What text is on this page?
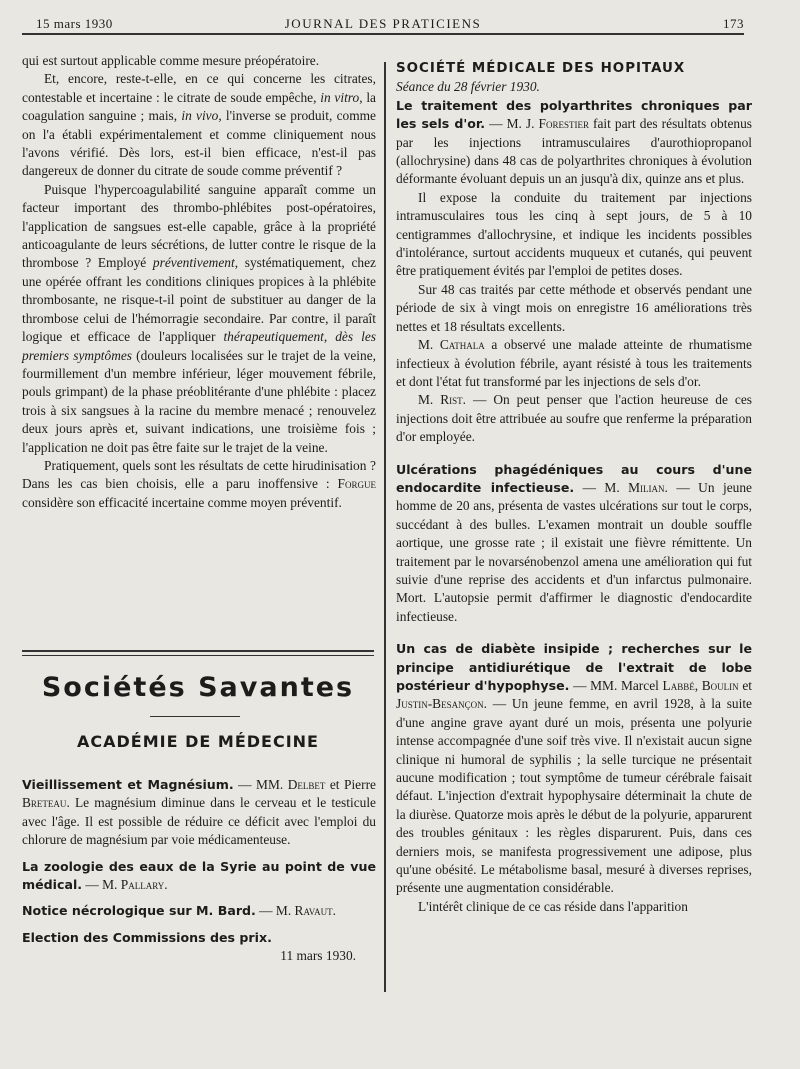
15 mars 1930	JOURNAL DES PRATICIENS	173

qui est surtout applicable comme mesure préopératoire.

Et, encore, reste-t-elle, en ce qui concerne les citrates, contestable et incertaine : le citrate de soude empêche, in vitro, la coagulation sanguine ; mais, in vivo, l'inverse se produit, comme on l'a établi expérimentalement et comme cliniquement nous l'avons vérifié. Dès lors, est-il bien efficace, n'est-il pas dangereux de donner du citrate de soude comme préventif ?

Puisque l'hypercoagulabilité sanguine apparaît comme un facteur important des thrombo-phlébites post-opératoires, l'application de sangsues est-elle capable, grâce à la propriété anticoagulante de leurs sécrétions, de lutter contre le risque de la thrombose ? Employé préventivement, systématiquement, chez une opérée offrant les conditions cliniques propices à la phlébite thrombosante, ne risque-t-il point de substituer au danger de la thrombose celui de l'hémorragie secondaire. Par contre, il paraît logique et efficace de l'appliquer thérapeutiquement, dès les premiers symptômes (douleurs localisées sur le trajet de la veine, fourmillement d'un membre inférieur, léger mouvement fébrile, pouls grimpant) de la phase préoblitérante d'une phlébite : placez trois à six sangsues à la racine du membre menacé ; renouvelez deux jours après et, suivant indications, une troisième fois ; l'application ne doit pas être faite sur le trajet de la veine.

Pratiquement, quels sont les résultats de cette hirudinisation ? Dans les cas bien choisis, elle a paru inoffensive : Forgue considère son efficacité incertaine comme moyen préventif.

Sociétés Savantes
ACADÉMIE DE MÉDECINE

Vieillissement et Magnésium. — MM. Delbet et Pierre Breteau. Le magnésium diminue dans le cerveau et le testicule avec l'âge. Il est possible de réduire ce déficit avec l'emploi du chlorure de magnésium par voie médicamenteuse.

La zoologie des eaux de la Syrie au point de vue médical. — M. Pallary.

Notice nécrologique sur M. Bard. — M. Ravaut.

Election des Commissions des prix.

11 mars 1930.

SOCIÉTÉ MÉDICALE DES HOPITAUX

Séance du 28 février 1930.

Le traitement des polyarthrites chroniques par les sels d'or. — M. J. Forestier fait part des résultats obtenus par les injections intramusculaires d'aurothiopropanol (allochrysine) dans 48 cas de polyarthrites chroniques à évolution déformante évoluant depuis un an jusqu'à dix, quinze ans et plus.

Il expose la conduite du traitement par injections intramusculaires tous les cinq à sept jours, de 5 à 10 centigrammes d'allochrysine, et indique les incidents possibles d'intolérance, surtout accidents muqueux et cutanés, qui peuvent être pratiquement évités par l'emploi de petites doses.

Sur 48 cas traités par cette méthode et observés pendant une période de six à vingt mois on enregistre 16 améliorations très nettes et 18 résultats excellents.

M. Cathala a observé une malade atteinte de rhumatisme infectieux à évolution fébrile, ayant résisté à tous les traitements et dont l'état fut transformé par les injections de sels d'or.

M. Rist. — On peut penser que l'action heureuse de ces injections doit être attribuée au soufre que renferme la préparation d'or employée.

Ulcérations phagédéniques au cours d'une endocardite infectieuse. — M. Milian. — Un jeune homme de 20 ans, présenta de vastes ulcérations sur tout le corps, succédant à des bulles. L'examen montrait un double souffle aortique, une grosse rate ; il existait une fièvre rémittente. Un traitement par le novarsénobenzol amena une amélioration qui fut suivie d'une reprise des accidents et d'un infarctus pulmonaire. Mort. L'autopsie permit d'affirmer le diagnostic d'endocardite infectieuse.

Un cas de diabète insipide ; recherches sur le principe antidiurétique de l'extrait de lobe postérieur d'hypophyse. — MM. Marcel Labbé, Boulin et Justin-Besançon. — Un jeune femme, en avril 1928, à la suite d'une angine grave ayant duré un mois, présenta une polyurie intense accompagnée d'une soif très vive. Il n'existait aucun signe clinique ni humoral de syphilis ; la selle turcique ne présentait aucune modification ; tout symptôme de tumeur cérébrale faisait défaut. L'injection d'extrait hypophysaire déterminait la chute de la diurèse. Quatorze mois après le début de la polyurie, apparurent des troubles génitaux : les règles disparurent. Puis, dans ces derniers mois, se manifesta progressivement une adipose, plus qu'une obésité. Le métabolisme basal, mesuré à diverses reprises, présente une augmentation considérable.

L'intérêt clinique de ce cas réside dans l'apparition
